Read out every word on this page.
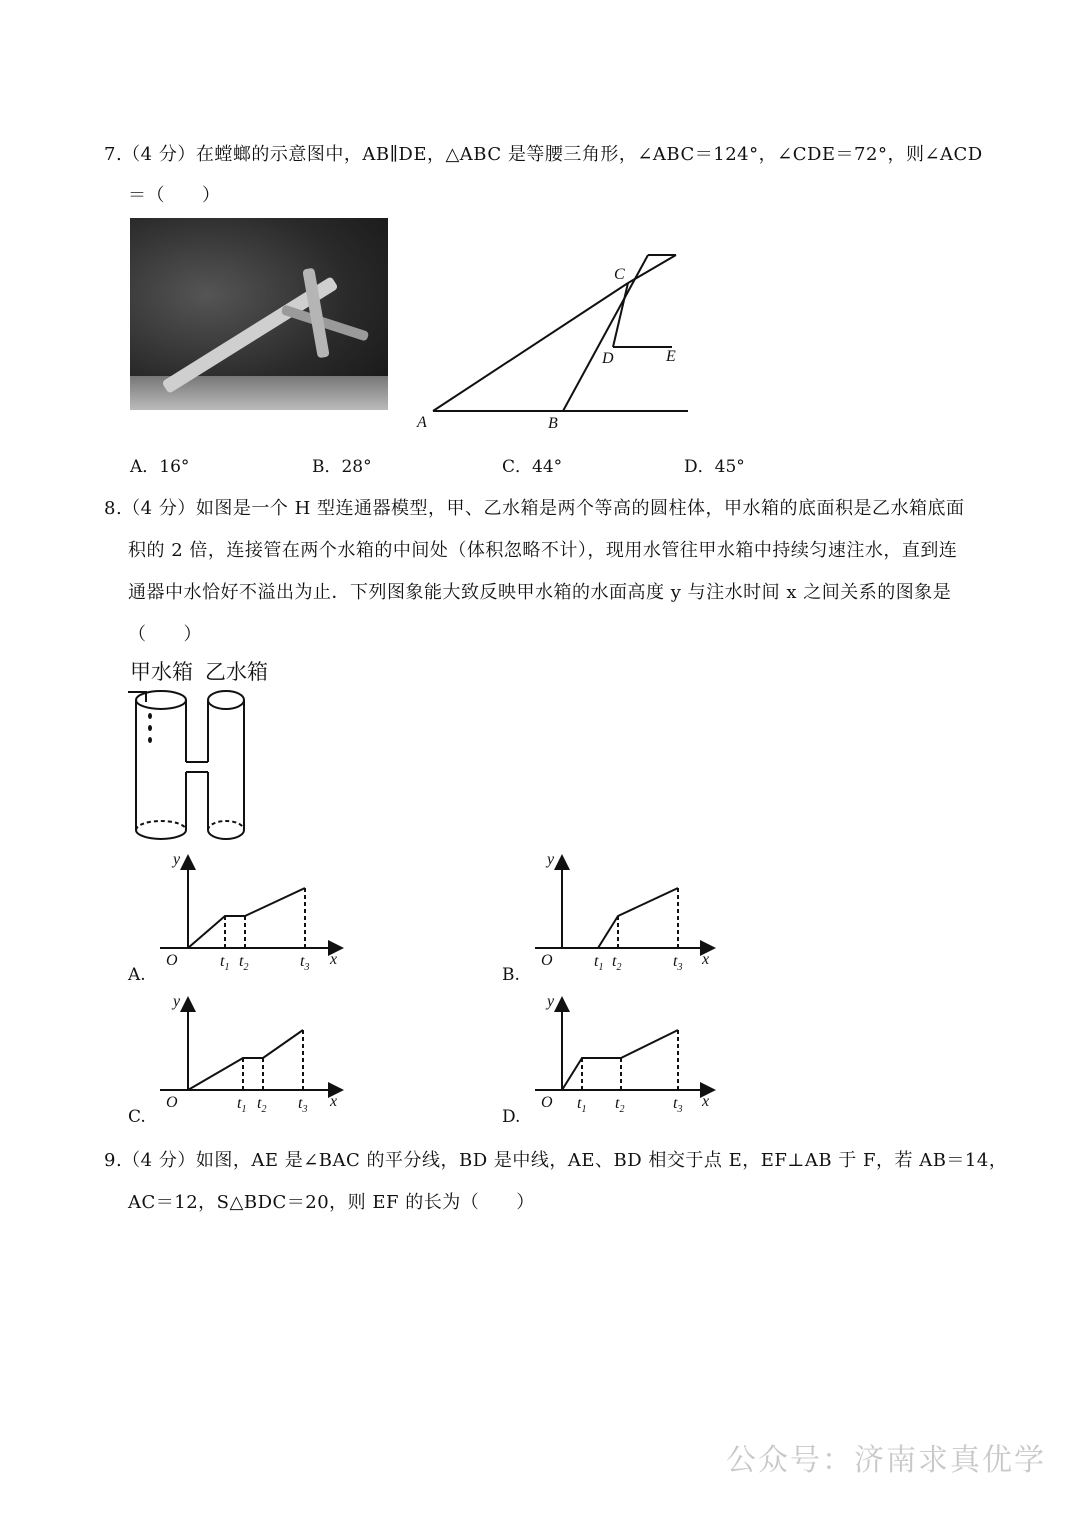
7.（4 分）在螳螂的示意图中，AB∥DE，△ABC 是等腰三角形，∠ABC＝124°，∠CDE＝72°，则∠ACD
＝（　　）
C
D	E
A	B
A．16°	B．28°	C．44°	D．45°
8.（4 分）如图是一个 H 型连通器模型，甲、乙水箱是两个等高的圆柱体，甲水箱的底面积是乙水箱底面
积的 2 倍，连接管在两个水箱的中间处（体积忽略不计），现用水管往甲水箱中持续匀速注水，直到连
通器中水恰好不溢出为止．下列图象能大致反映甲水箱的水面高度 y 与注水时间 x 之间关系的图象是
（　　）
甲水箱 乙水箱
y
O	x
$t_1$ $t_2$	$t_3$
A.
y
O	x
$t_1$ $t_2$	$t_3$
B.
y
O	x
$t_1$ $t_2$ $t_3$
C.
y
O	x
$t_1$ $t_2$	$t_3$
D.
9.（4 分）如图，AE 是∠BAC 的平分线，BD 是中线，AE、BD 相交于点 E，EF⊥AB 于 F，若 AB＝14，
AC＝12，S△BDC＝20，则 EF 的长为（　　）
公众号：济南求真优学
